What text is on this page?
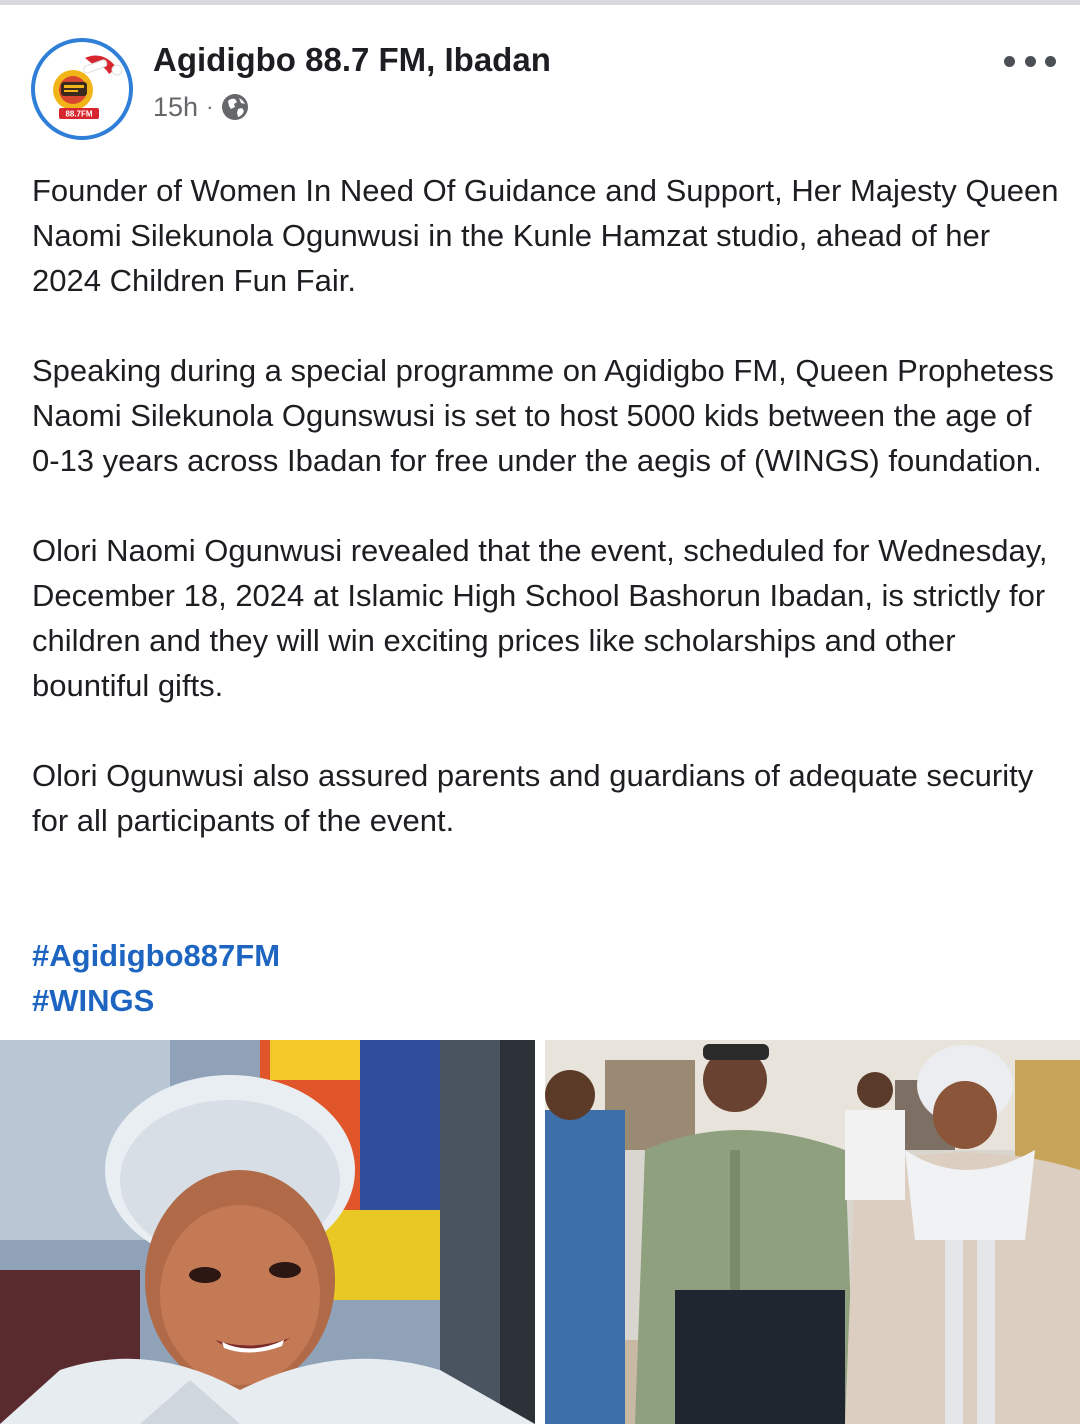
88.7FM
Agidigbo 88.7 FM, Ibadan
15h ·

Founder of Women In Need Of Guidance and Support, Her Majesty Queen Naomi Silekunola Ogunwusi in the Kunle Hamzat studio, ahead of her 2024 Children Fun Fair.

Speaking during a special programme on Agidigbo FM, Queen Prophetess Naomi Silekunola Ogunswusi is set to host 5000 kids between the age of 0-13 years across Ibadan for free under the aegis of (WINGS) foundation.

Olori Naomi Ogunwusi revealed that the event, scheduled for Wednesday, December 18, 2024 at Islamic High School Bashorun Ibadan, is strictly for children and they will win exciting prices like scholarships and other bountiful gifts.

Olori Ogunwusi also assured parents and guardians of adequate security for all participants of the event.

#Agidigbo887FM
#WINGS
